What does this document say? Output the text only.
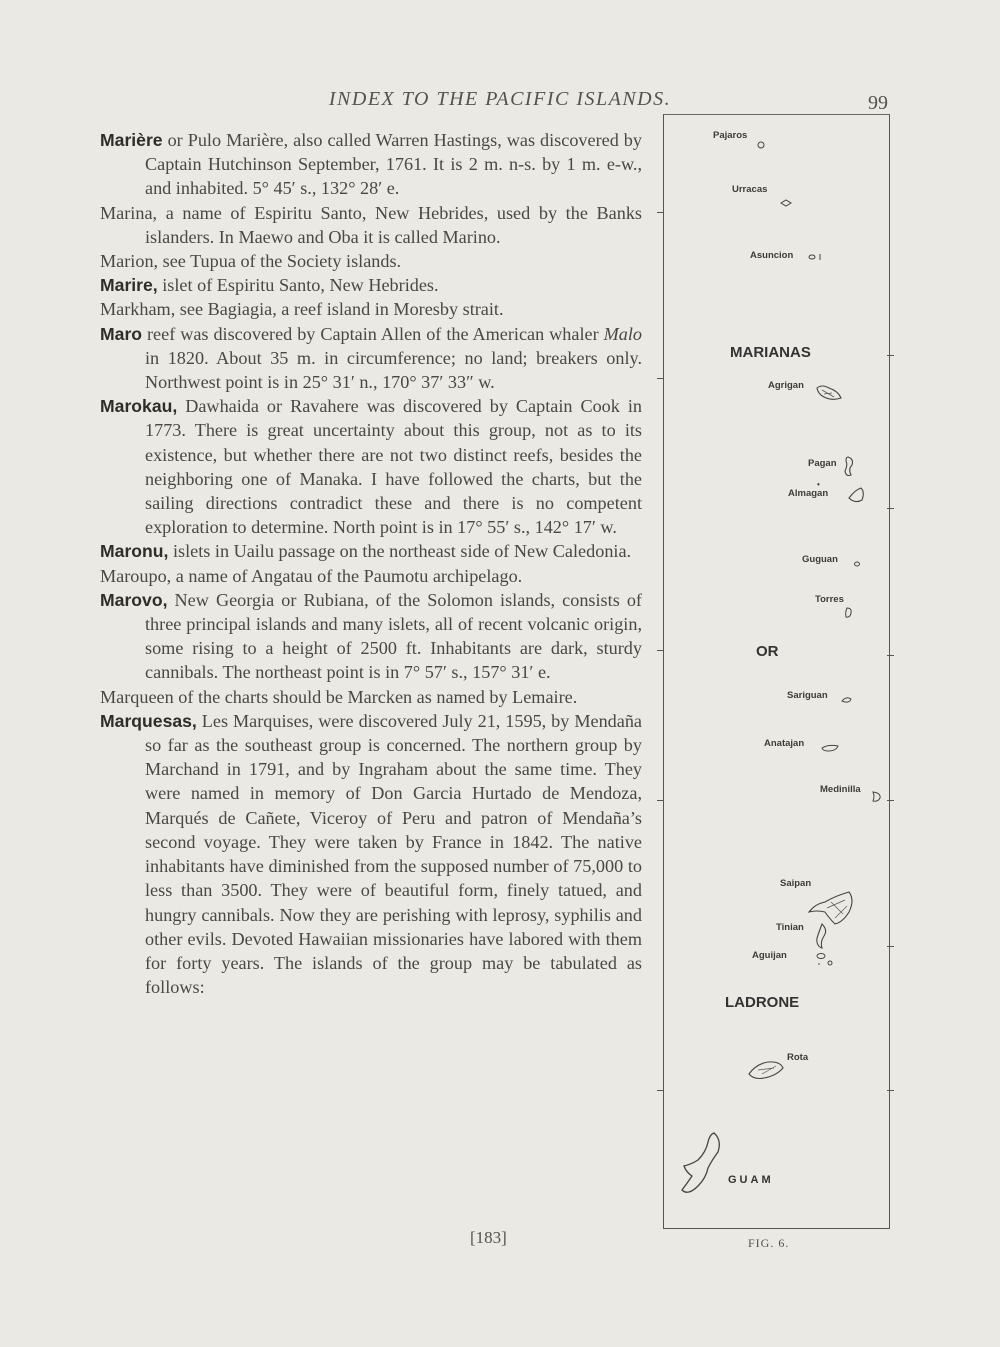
INDEX TO THE PACIFIC ISLANDS.	99

Marière or Pulo Marière, also called Warren Hastings, was discovered by Captain Hutchinson September, 1761. It is 2 m. n-s. by 1 m. e-w., and inhabited. 5° 45′ s., 132° 28′ e.

Marina, a name of Espiritu Santo, New Hebrides, used by the Banks islanders. In Maewo and Oba it is called Marino.

Marion, see Tupua of the Society islands.

Marire, islet of Espiritu Santo, New Hebrides.

Markham, see Bagiagia, a reef island in Moresby strait.

Maro reef was discovered by Captain Allen of the American whaler Malo in 1820. About 35 m. in circumference; no land; breakers only. Northwest point is in 25° 31′ n., 170° 37′ 33″ w.

Marokau, Dawhaida or Ravahere was discovered by Captain Cook in 1773. There is great uncertainty about this group, not as to its existence, but whether there are not two distinct reefs, besides the neighboring one of Manaka. I have followed the charts, but the sailing directions contradict these and there is no competent exploration to determine. North point is in 17° 55′ s., 142° 17′ w.

Maronu, islets in Uailu passage on the northeast side of New Caledonia.

Maroupo, a name of Angatau of the Paumotu archipelago.

Marovo, New Georgia or Rubiana, of the Solomon islands, consists of three principal islands and many islets, all of recent volcanic origin, some rising to a height of 2500 ft. Inhabitants are dark, sturdy cannibals. The northeast point is in 7° 57′ s., 157° 31′ e.

Marqueen of the charts should be Marcken as named by Lemaire.

Marquesas, Les Marquises, were discovered July 21, 1595, by Mendaña so far as the southeast group is concerned. The northern group by Marchand in 1791, and by Ingraham about the same time. They were named in memory of Don Garcia Hurtado de Mendoza, Marqués de Cañete, Viceroy of Peru and patron of Mendaña’s second voyage. They were taken by France in 1842. The native inhabitants have diminished from the supposed number of 75,000 to less than 3500. They were of beautiful form, finely tatued, and hungry cannibals. Now they are perishing with leprosy, syphilis and other evils. Devoted Hawaiian missionaries have labored with them for forty years. The islands of the group may be tabulated as follows:

[183]
Pajaros
Urracas
Asuncion
MARIANAS
Agrigan
Pagan
•
Almagan
Guguan
Torres
OR
Sariguan
Anatajan
Medinilla
Saipan
Tinian
Aguijan
LADRONE
Rota
GUAM
FIG. 6.
